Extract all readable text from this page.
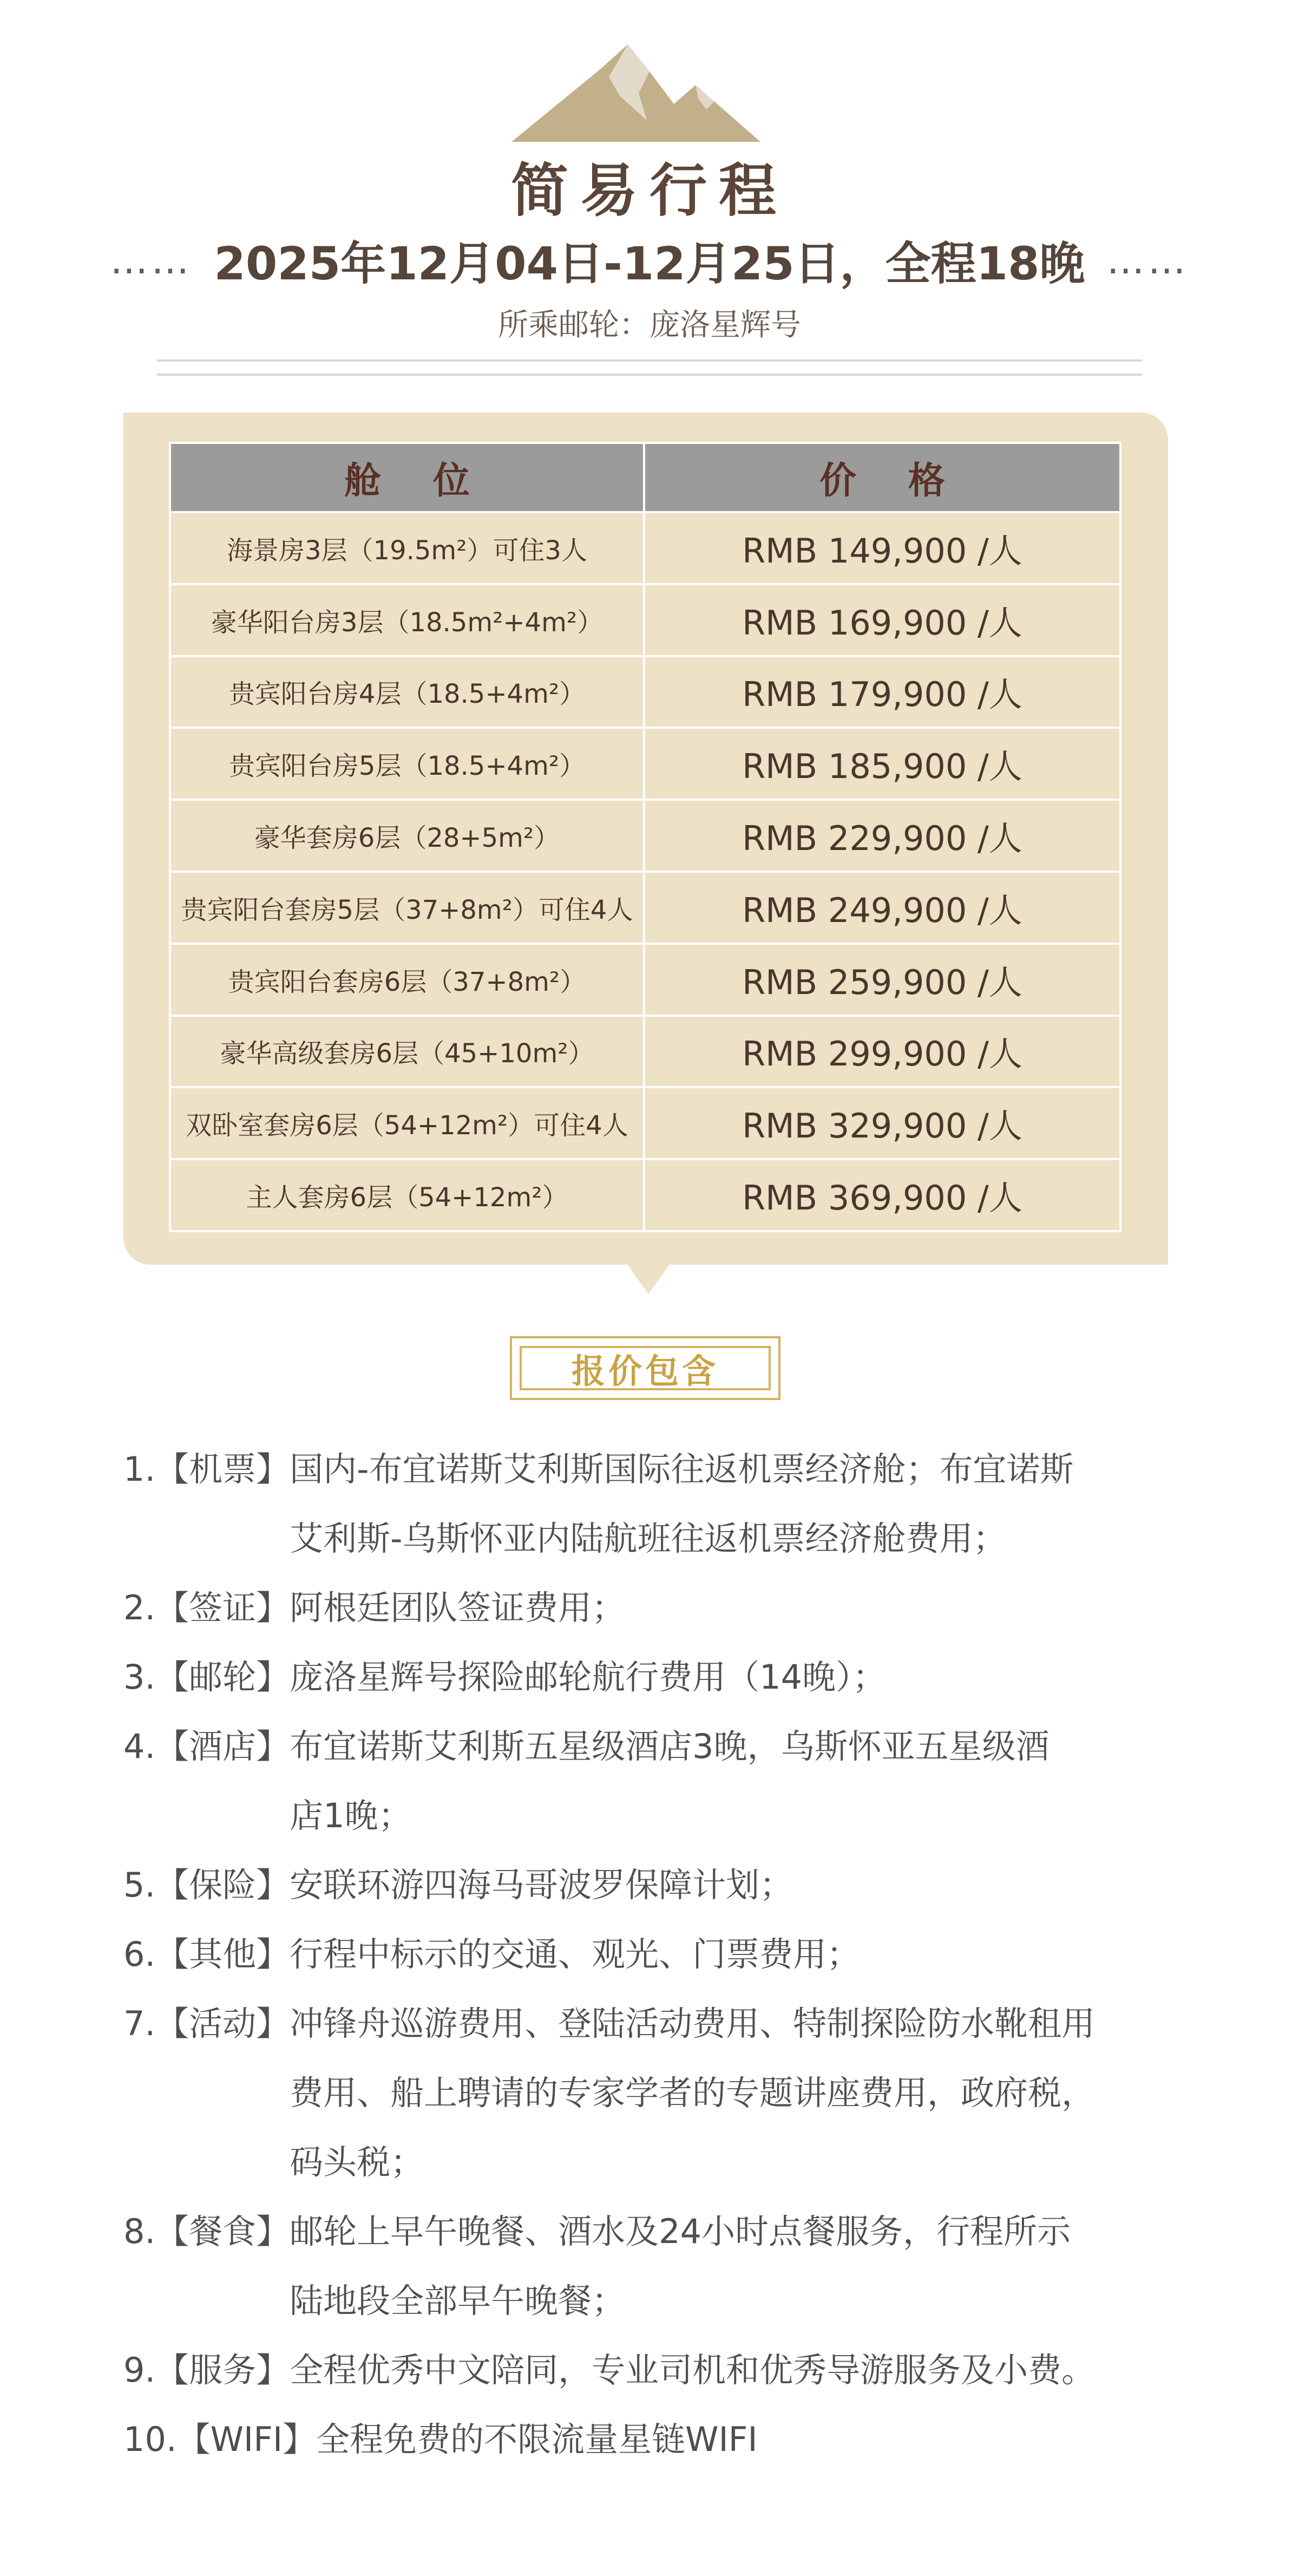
简易行程
…… 2025年12月04日-12月25日，全程18晚 ……
所乘邮轮：庞洛星辉号
舱 位	价 格
海景房3层（19.5m²）可住3人	RMB 149,900 /人
豪华阳台房3层（18.5m²+4m²）	RMB 169,900 /人
贵宾阳台房4层（18.5+4m²）	RMB 179,900 /人
贵宾阳台房5层（18.5+4m²）	RMB 185,900 /人
豪华套房6层（28+5m²）	RMB 229,900 /人
贵宾阳台套房5层（37+8m²）可住4人	RMB 249,900 /人
贵宾阳台套房6层（37+8m²）	RMB 259,900 /人
豪华高级套房6层（45+10m²）	RMB 299,900 /人
双卧室套房6层（54+12m²）可住4人	RMB 329,900 /人
主人套房6层（54+12m²）	RMB 369,900 /人
报价包含
1. 【机票】 国内-布宜诺斯艾利斯国际往返机票经济舱；布宜诺斯
艾利斯-乌斯怀亚内陆航班往返机票经济舱费用；
2. 【签证】 阿根廷团队签证费用；
3. 【邮轮】 庞洛星辉号探险邮轮航行费用（14晚）；
4. 【酒店】 布宜诺斯艾利斯五星级酒店3晚，乌斯怀亚五星级酒
店1晚；
5. 【保险】 安联环游四海马哥波罗保障计划；
6. 【其他】 行程中标示的交通、观光、门票费用；
7. 【活动】 冲锋舟巡游费用、登陆活动费用、特制探险防水靴租用
费用、船上聘请的专家学者的专题讲座费用，政府税，
码头税；
8. 【餐食】 邮轮上早午晚餐、酒水及24小时点餐服务，行程所示
陆地段全部早午晚餐；
9. 【服务】 全程优秀中文陪同，专业司机和优秀导游服务及小费。
10. 【WIFI】 全程免费的不限流量星链WIFI
